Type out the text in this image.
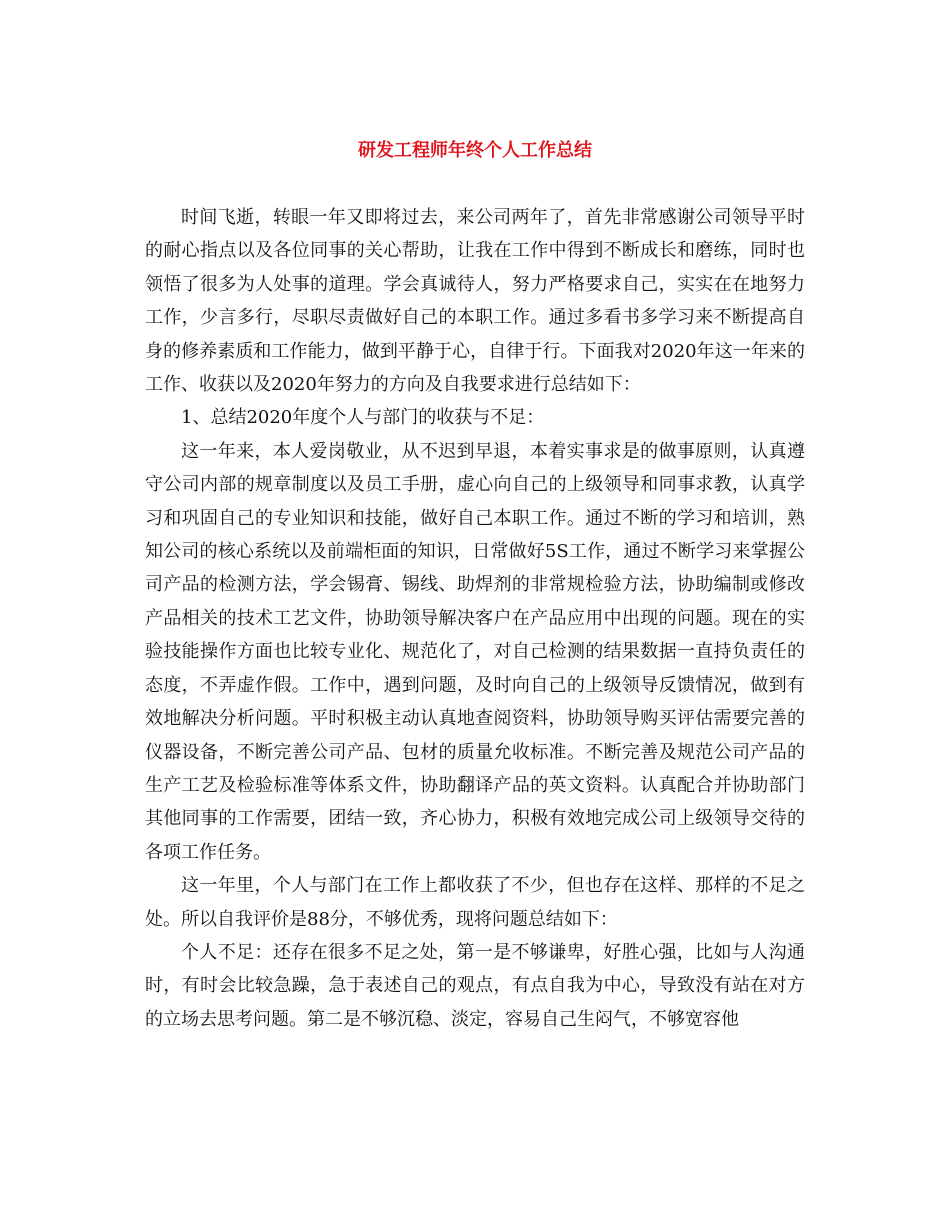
研发工程师年终个人工作总结

时间飞逝，转眼一年又即将过去，来公司两年了，首先非常感谢公司领导平时的耐心指点以及各位同事的关心帮助，让我在工作中得到不断成长和磨练，同时也领悟了很多为人处事的道理。学会真诚待人，努力严格要求自己，实实在在地努力工作，少言多行，尽职尽责做好自己的本职工作。通过多看书多学习来不断提高自身的修养素质和工作能力，做到平静于心，自律于行。下面我对2020年这一年来的工作、收获以及2020年努力的方向及自我要求进行总结如下：

1、总结2020年度个人与部门的收获与不足：

这一年来，本人爱岗敬业，从不迟到早退，本着实事求是的做事原则，认真遵守公司内部的规章制度以及员工手册，虚心向自己的上级领导和同事求教，认真学习和巩固自己的专业知识和技能，做好自己本职工作。通过不断的学习和培训，熟知公司的核心系统以及前端柜面的知识，日常做好5S工作，通过不断学习来掌握公司产品的检测方法，学会锡膏、锡线、助焊剂的非常规检验方法，协助编制或修改产品相关的技术工艺文件，协助领导解决客户在产品应用中出现的问题。现在的实验技能操作方面也比较专业化、规范化了，对自己检测的结果数据一直持负责任的态度，不弄虚作假。工作中，遇到问题，及时向自己的上级领导反馈情况，做到有效地解决分析问题。平时积极主动认真地查阅资料，协助领导购买评估需要完善的仪器设备，不断完善公司产品、包材的质量允收标准。不断完善及规范公司产品的生产工艺及检验标准等体系文件，协助翻译产品的英文资料。认真配合并协助部门其他同事的工作需要，团结一致，齐心协力，积极有效地完成公司上级领导交待的各项工作任务。

这一年里，个人与部门在工作上都收获了不少，但也存在这样、那样的不足之处。所以自我评价是88分，不够优秀，现将问题总结如下：

个人不足：还存在很多不足之处，第一是不够谦卑，好胜心强，比如与人沟通时，有时会比较急躁，急于表述自己的观点，有点自我为中心，导致没有站在对方的立场去思考问题。第二是不够沉稳、淡定，容易自己生闷气，不够宽容他
